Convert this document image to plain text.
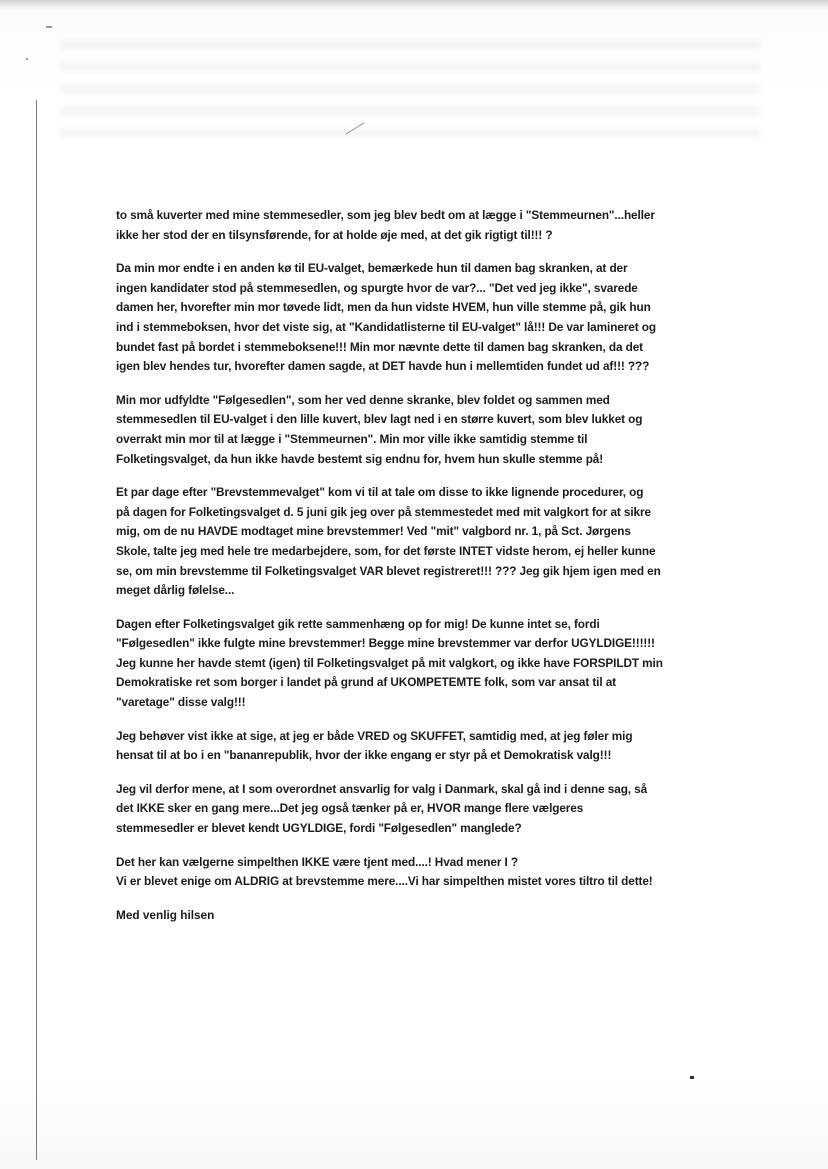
to små kuverter med mine stemmesedler, som jeg blev bedt om at lægge i "Stemmeurnen"...heller
ikke her stod der en tilsynsførende, for at holde øje med, at det gik rigtigt til!!! ?

Da min mor endte i en anden kø til EU-valget, bemærkede hun til damen bag skranken, at der
ingen kandidater stod på stemmesedlen, og spurgte hvor de var?... "Det ved jeg ikke", svarede
damen her, hvorefter min mor tøvede lidt, men da hun vidste HVEM, hun ville stemme på, gik hun
ind i stemmeboksen, hvor det viste sig, at "Kandidatlisterne til EU-valget" lå!!! De var lamineret og
bundet fast på bordet i stemmeboksene!!! Min mor nævnte dette til damen bag skranken, da det
igen blev hendes tur, hvorefter damen sagde, at DET havde hun i mellemtiden fundet ud af!!! ???

Min mor udfyldte "Følgesedlen", som her ved denne skranke, blev foldet og sammen med
stemmesedlen til EU-valget i den lille kuvert, blev lagt ned i en større kuvert, som blev lukket og
overrakt min mor til at lægge i "Stemmeurnen". Min mor ville ikke samtidig stemme til
Folketingsvalget, da hun ikke havde bestemt sig endnu for, hvem hun skulle stemme på!

Et par dage efter "Brevstemmevalget" kom vi til at tale om disse to ikke lignende procedurer, og
på dagen for Folketingsvalget d. 5 juni gik jeg over på stemmestedet med mit valgkort for at sikre
mig, om de nu HAVDE modtaget mine brevstemmer! Ved "mit" valgbord nr. 1, på Sct. Jørgens
Skole, talte jeg med hele tre medarbejdere, som, for det første INTET vidste herom, ej heller kunne
se, om min brevstemme til Folketingsvalget VAR blevet registreret!!! ??? Jeg gik hjem igen med en
meget dårlig følelse...

Dagen efter Folketingsvalget gik rette sammenhæng op for mig! De kunne intet se, fordi
"Følgesedlen" ikke fulgte mine brevstemmer! Begge mine brevstemmer var derfor UGYLDIGE!!!!!!
Jeg kunne her havde stemt (igen) til Folketingsvalget på mit valgkort, og ikke have FORSPILDT min
Demokratiske ret som borger i landet på grund af UKOMPETEMTE folk, som var ansat til at
"varetage" disse valg!!!

Jeg behøver vist ikke at sige, at jeg er både VRED og SKUFFET, samtidig med, at jeg føler mig
hensat til at bo i en "bananrepublik, hvor der ikke engang er styr på et Demokratisk valg!!!

Jeg vil derfor mene, at I som overordnet ansvarlig for valg i Danmark, skal gå ind i denne sag, så
det IKKE sker en gang mere...Det jeg også tænker på er, HVOR mange flere vælgeres
stemmesedler er blevet kendt UGYLDIGE, fordi "Følgesedlen" manglede?

Det her kan vælgerne simpelthen IKKE være tjent med....! Hvad mener I ?
Vi er blevet enige om ALDRIG at brevstemme mere....Vi har simpelthen mistet vores tiltro til dette!

Med venlig hilsen
